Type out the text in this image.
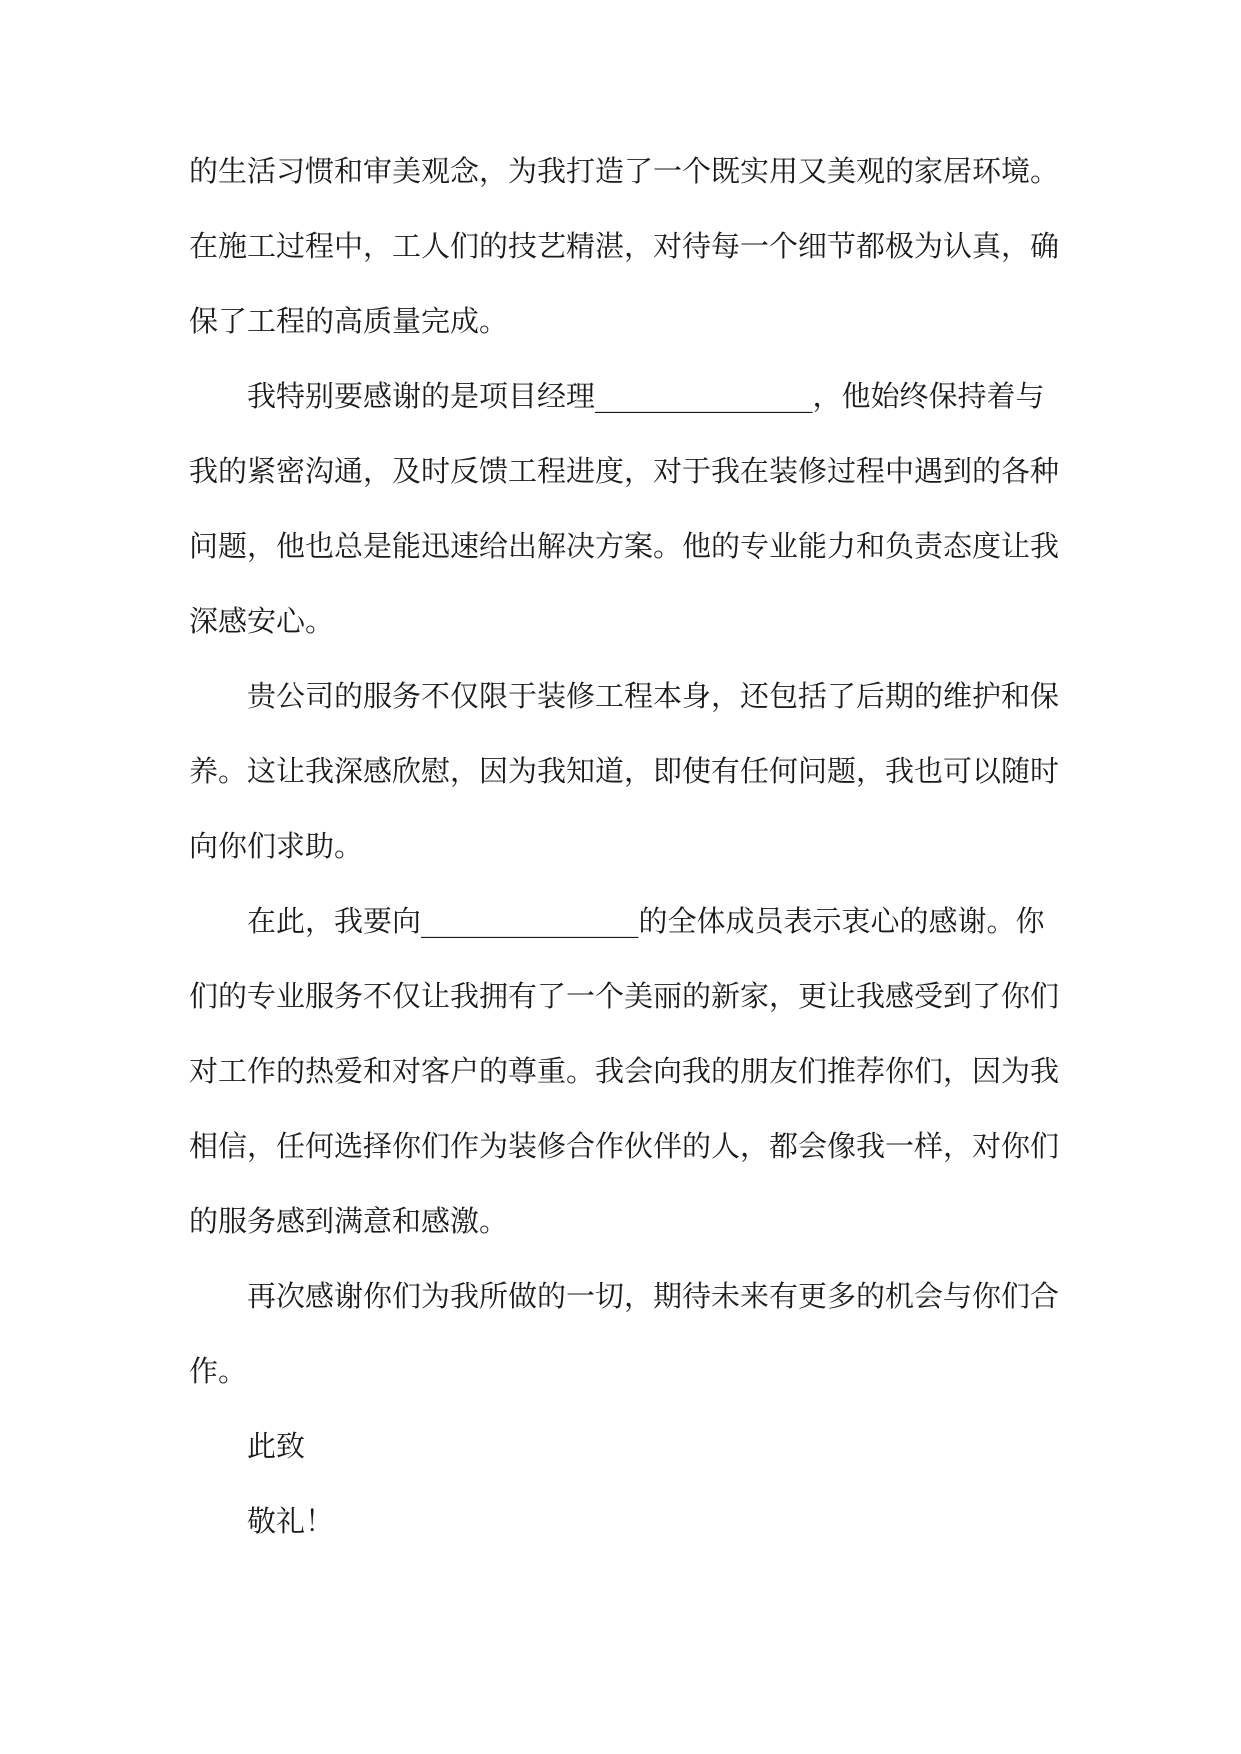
的生活习惯和审美观念，为我打造了一个既实用又美观的家居环境。
在施工过程中，工人们的技艺精湛，对待每一个细节都极为认真，确
保了工程的高质量完成。
我特别要感谢的是项目经理_______________，他始终保持着与
我的紧密沟通，及时反馈工程进度，对于我在装修过程中遇到的各种
问题，他也总是能迅速给出解决方案。他的专业能力和负责态度让我
深感安心。
贵公司的服务不仅限于装修工程本身，还包括了后期的维护和保
养。这让我深感欣慰，因为我知道，即使有任何问题，我也可以随时
向你们求助。
在此，我要向_______________的全体成员表示衷心的感谢。你
们的专业服务不仅让我拥有了一个美丽的新家，更让我感受到了你们
对工作的热爱和对客户的尊重。我会向我的朋友们推荐你们，因为我
相信，任何选择你们作为装修合作伙伴的人，都会像我一样，对你们
的服务感到满意和感激。
再次感谢你们为我所做的一切，期待未来有更多的机会与你们合
作。
此致
敬礼！
